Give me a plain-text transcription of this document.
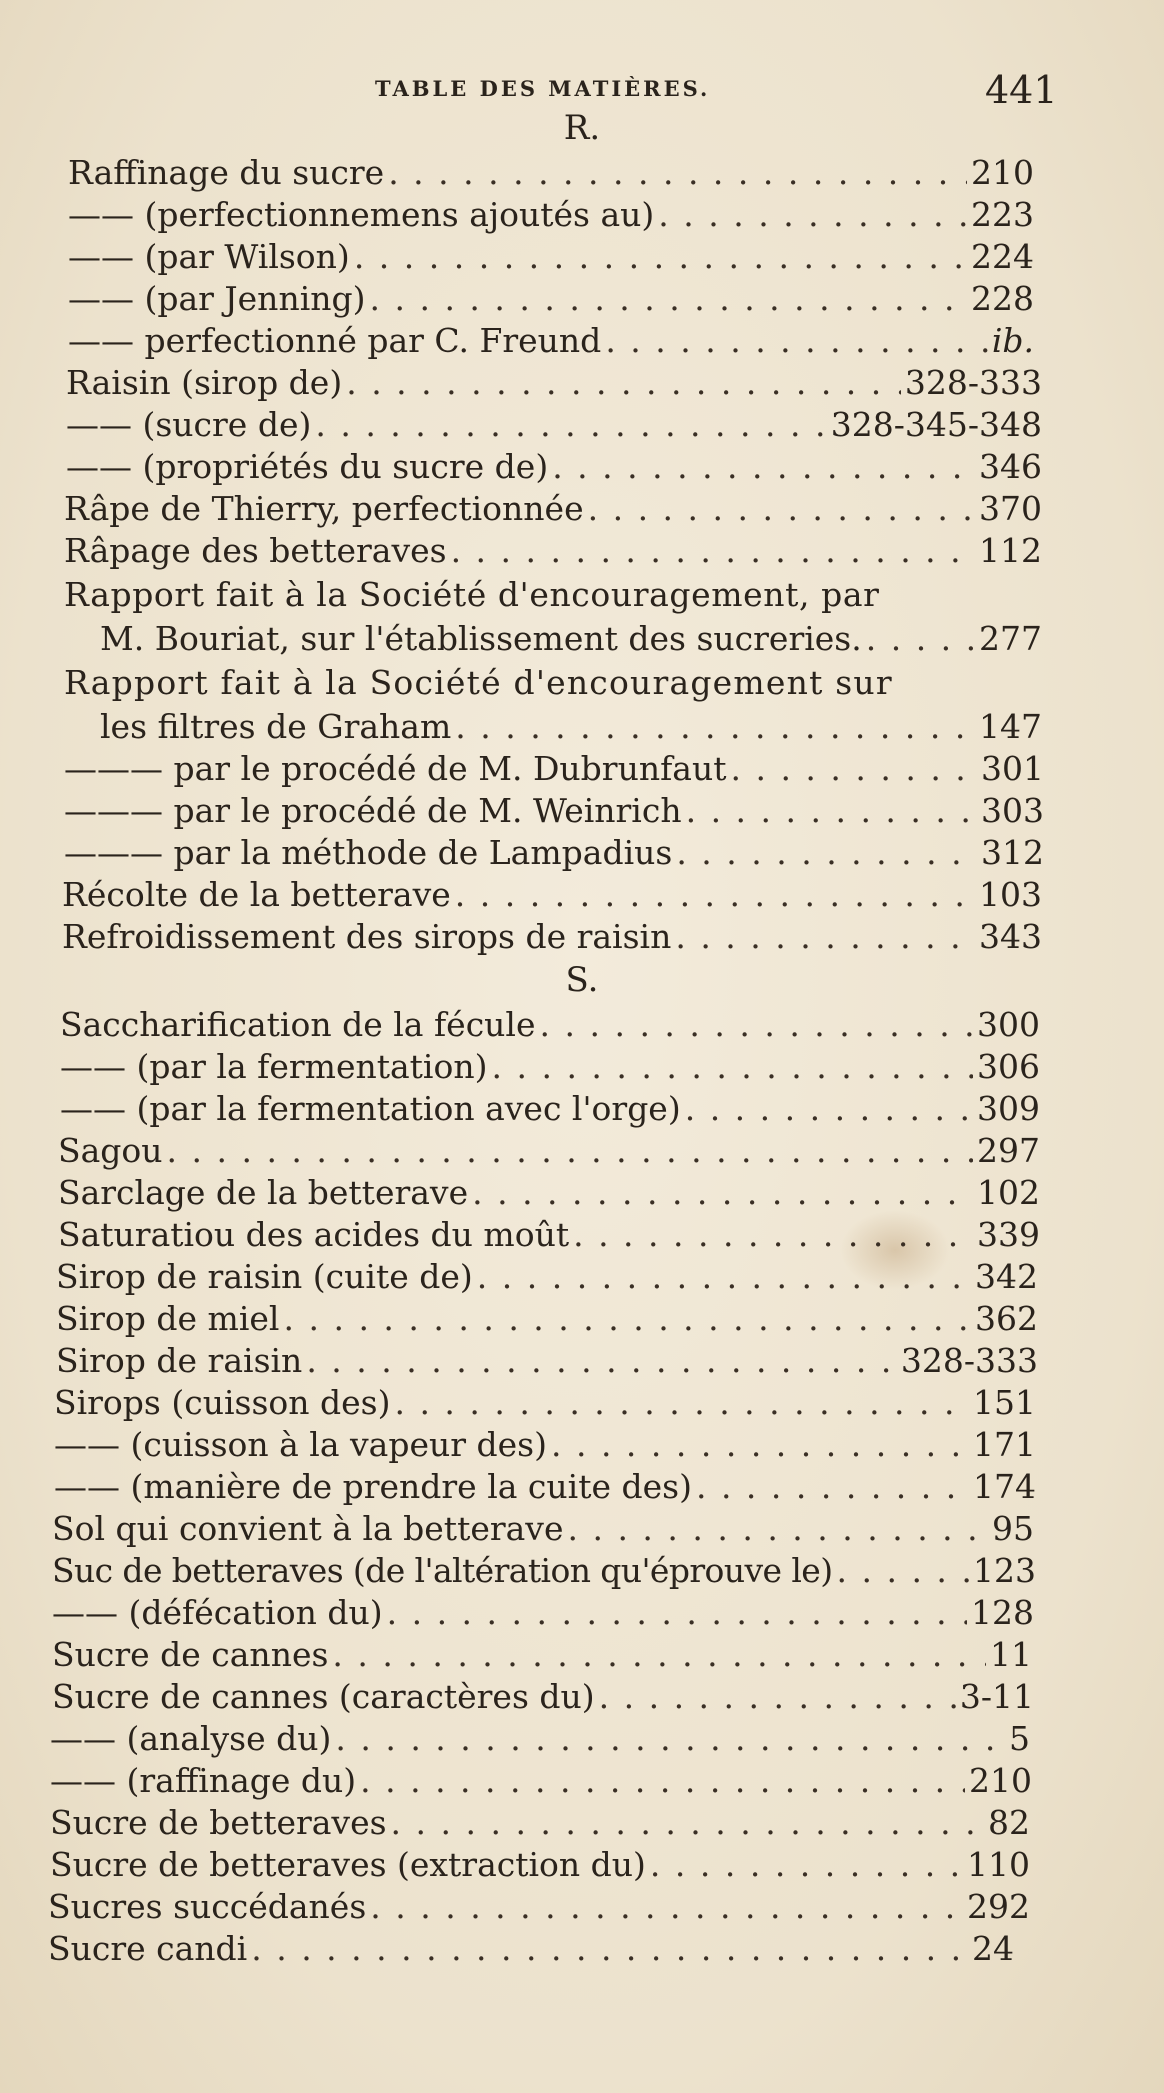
TABLE DES MATIÈRES.	441
R.
Raffinage du sucre . . .	210
—— (perfectionnemens ajoutés au) . . .	223
—— (par Wilson) . . .	224
—— (par Jenning) . . .	228
—— perfectionné par C. Freund . . .	ib.
Raisin (sirop de) . . .	328-333
—— (sucre de) . . .	328-345-348
—— (propriétés du sucre de) . . .	346
Râpe de Thierry, perfectionnée . . .	370
Râpage des betteraves . . .	112
Rapport fait à la Société d'encouragement, par
M. Bouriat, sur l'établissement des sucreries. . . .	277
Rapport fait à la Société d'encouragement sur
les filtres de Graham . . .	147
——— par le procédé de M. Dubrunfaut . . .	301
——— par le procédé de M. Weinrich . . .	303
——— par la méthode de Lampadius . . .	312
Récolte de la betterave . . .	103
Refroidissement des sirops de raisin . . .	343
S.
Saccharification de la fécule . . .	300
—— (par la fermentation) . . .	306
—— (par la fermentation avec l'orge) . . .	309
Sagou . . .	297
Sarclage de la betterave . . .	102
Saturatiou des acides du moût . . .	339
Sirop de raisin (cuite de) . . .	342
Sirop de miel . . .	362
Sirop de raisin . . .	328-333
Sirops (cuisson des) . . .	151
—— (cuisson à la vapeur des) . . .	171
—— (manière de prendre la cuite des) . . .	174
Sol qui convient à la betterave . . .	95
Suc de betteraves (de l'altération qu'éprouve le) . . .	123
—— (défécation du) . . .	128
Sucre de cannes . . .	11
Sucre de cannes (caractères du) . . .	3-11
—— (analyse du) . . .	5
—— (raffinage du) . . .	210
Sucre de betteraves . . .	82
Sucre de betteraves (extraction du) . . .	110
Sucres succédanés . . .	292
Sucre candi . . .	24
